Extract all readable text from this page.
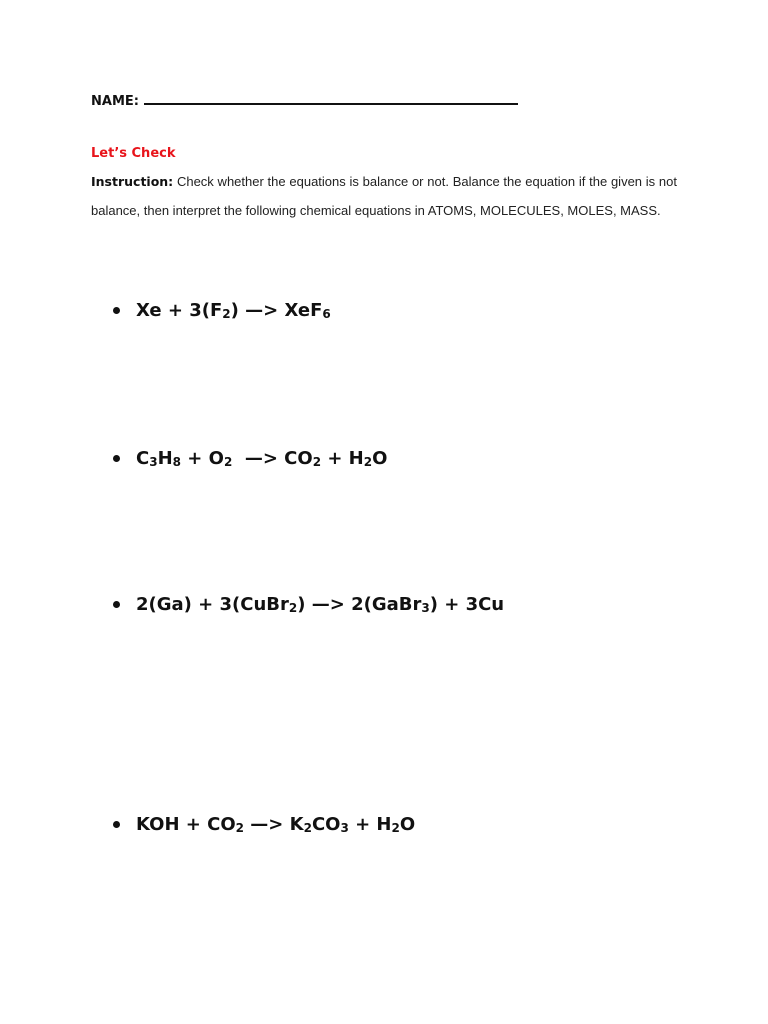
NAME:
Let’s Check
Instruction: Check whether the equations is balance or not. Balance the equation if the given is not balance, then interpret the following chemical equations in ATOMS, MOLECULES, MOLES, MASS.
$Xe + 3(F_2)$ —> XeF$_6$
$C_3H_8 + O_2$  —> $CO_2 + H_2O$
2(Ga) + 3(CuBr$_2$) —> 2(GaBr$_3$) + 3Cu
KOH + $CO_2$ —> $K_2CO_3 + H_2O$
